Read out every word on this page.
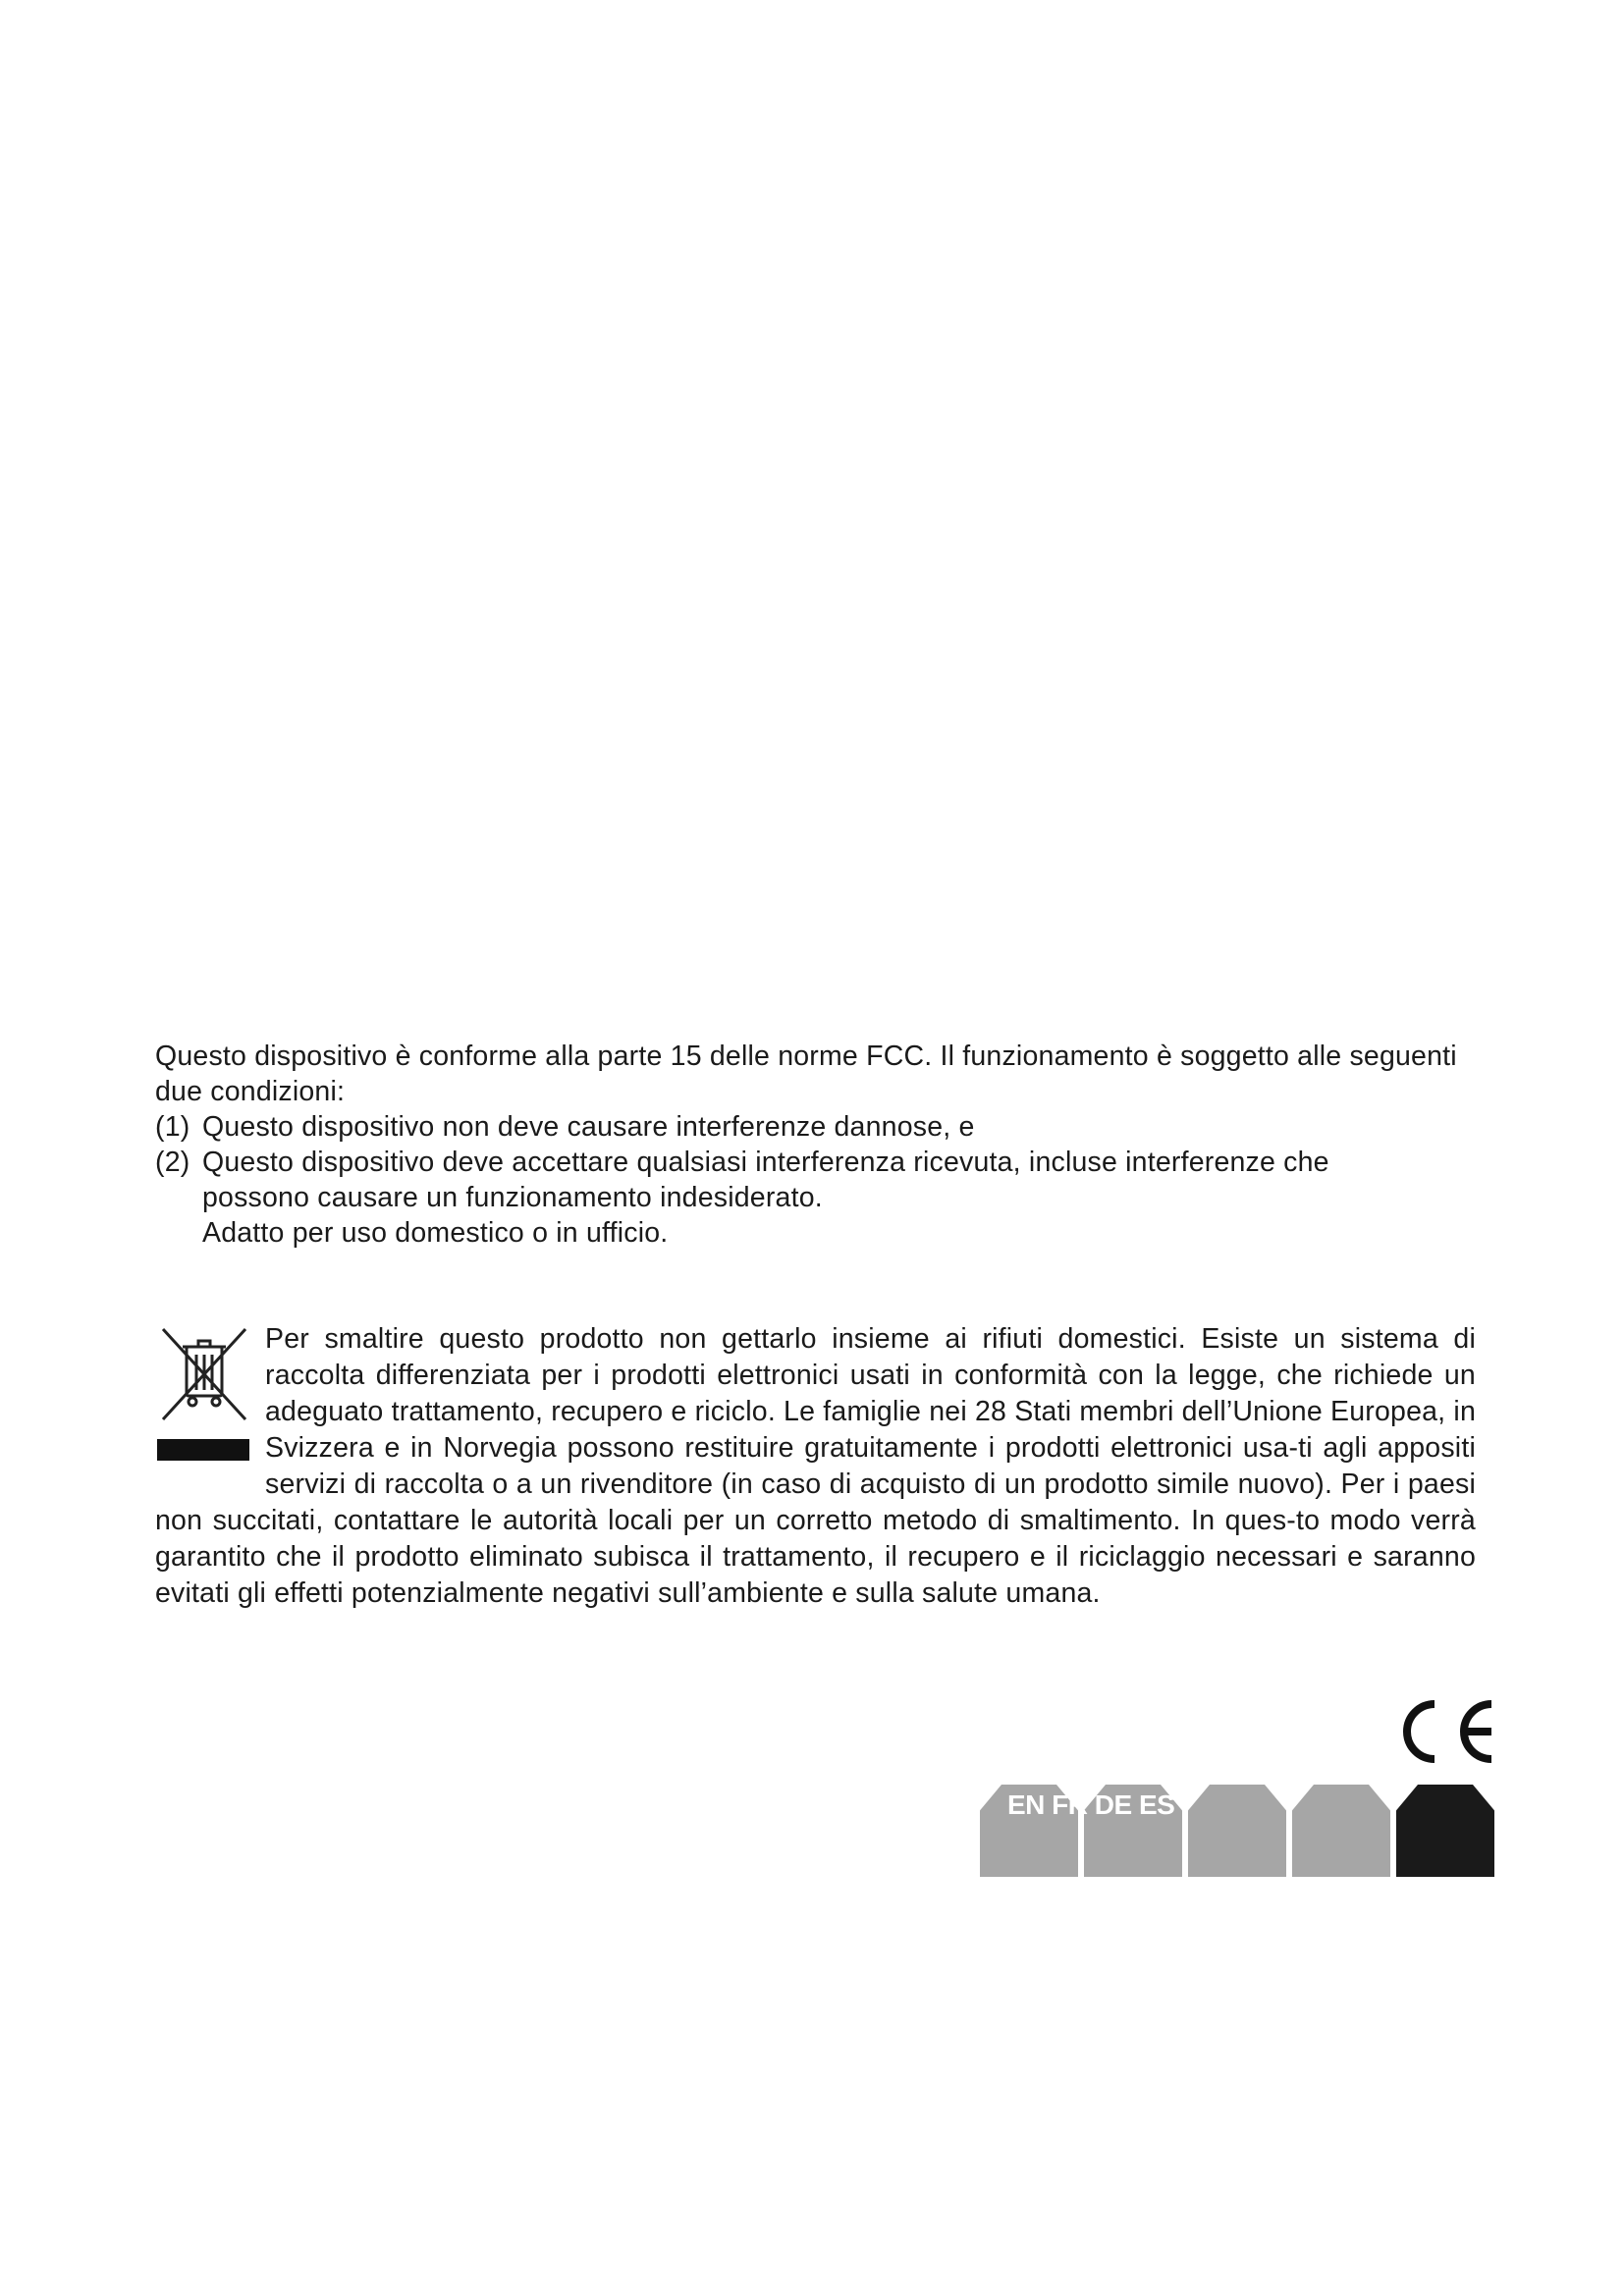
Questo dispositivo è conforme alla parte 15 delle norme FCC. Il funzionamento è soggetto alle seguenti due condizioni:

(1) Questo dispositivo non deve causare interferenze dannose, e
(2) Questo dispositivo deve accettare qualsiasi interferenza ricevuta, incluse interferenze che

possono causare un funzionamento indesiderato.

Adatto per uso domestico o in ufficio.

Per smaltire questo prodotto non gettarlo insieme ai rifiuti domestici. Esiste un sistema di raccolta differenziata per i prodotti elettronici usati in conformità con la legge, che richiede un adeguato trattamento, recupero e riciclo. Le famiglie nei 28 Stati membri dell’Unione Europea, in Svizzera e in Norvegia possono restituire gratuitamente i prodotti elettronici usa-ti agli appositi servizi di raccolta o a un rivenditore (in caso di acquisto di un prodotto simile nuovo). Per i paesi non succitati, contattare le autorità locali per un corretto metodo di smaltimento. In ques-to modo verrà garantito che il prodotto eliminato subisca il trattamento, il recupero e il riciclaggio necessari e saranno evitati gli effetti potenzialmente negativi sull’ambiente e sulla salute umana.

EN FR DE ES
